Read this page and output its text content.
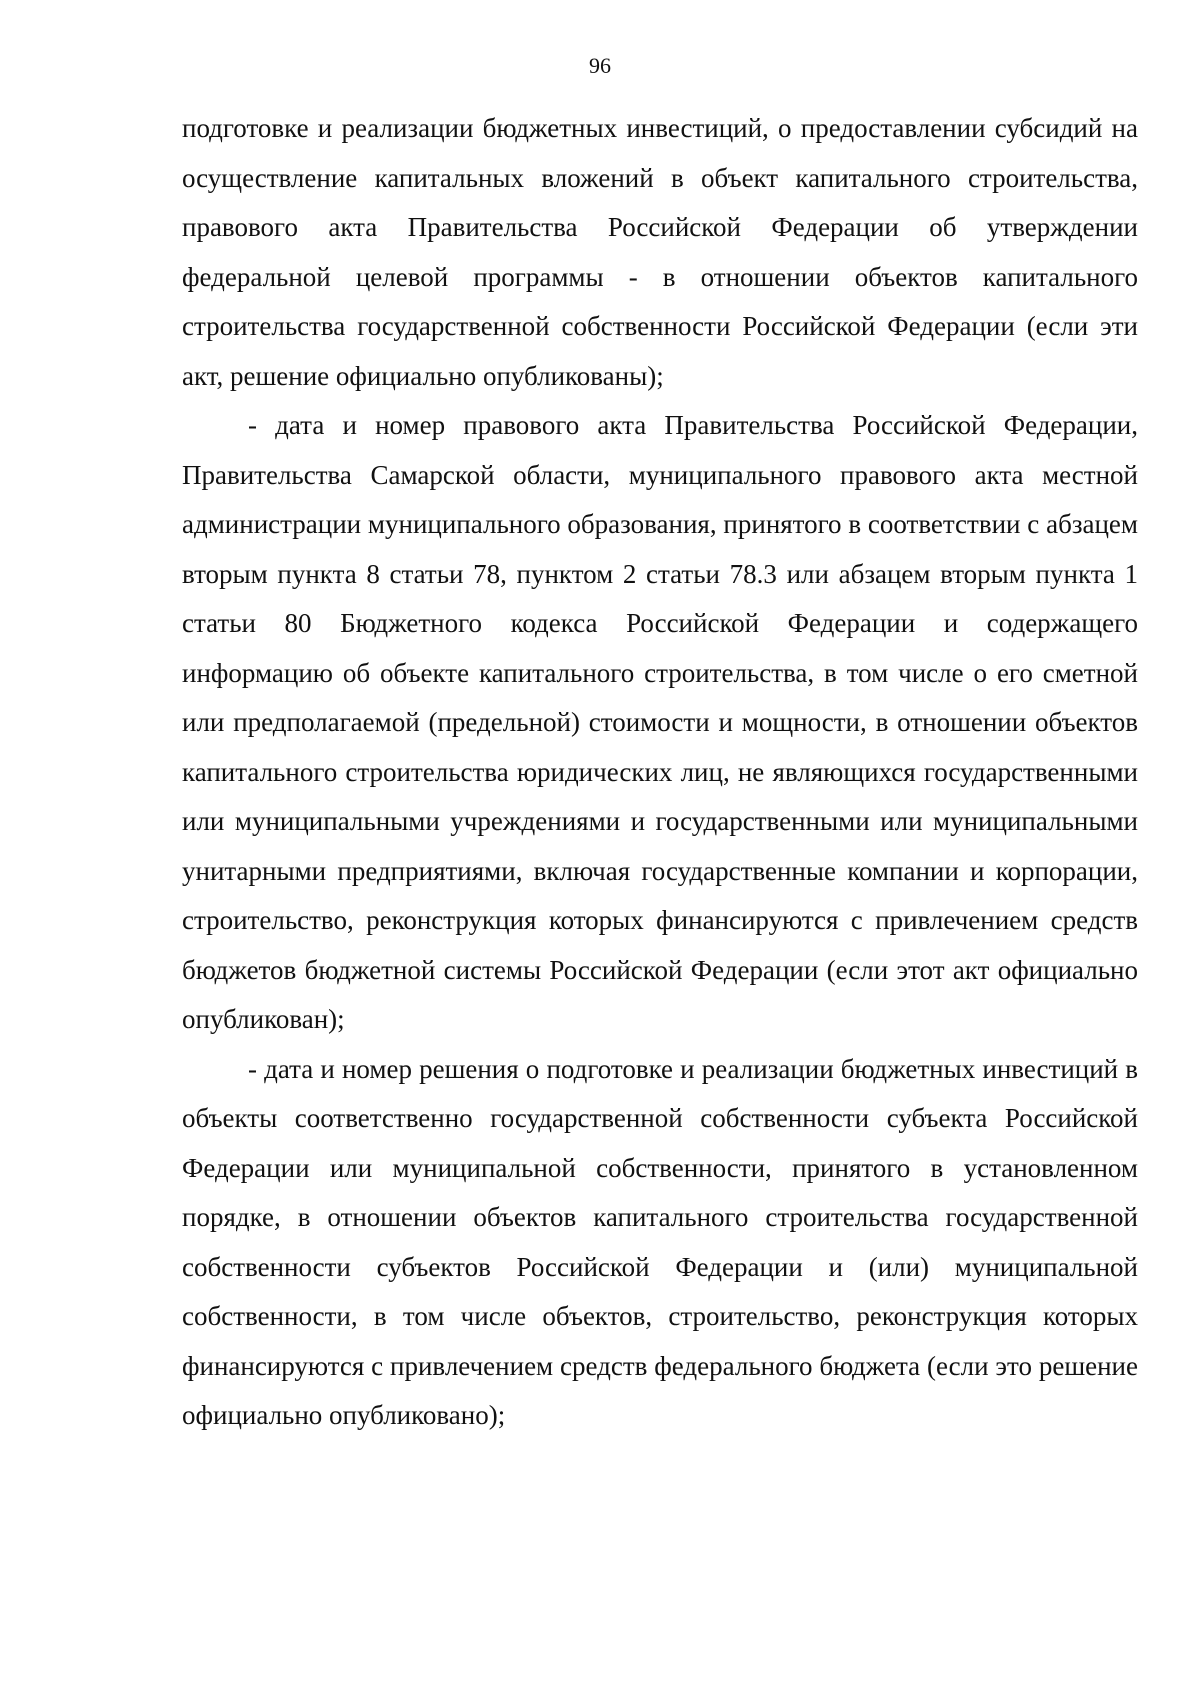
96

подготовке и реализации бюджетных инвестиций, о предоставлении субсидий на осуществление капитальных вложений в объект капитального строительства, правового акта Правительства Российской Федерации об утверждении федеральной целевой программы - в отношении объектов капитального строительства государственной собственности Российской Федерации (если эти акт, решение официально опубликованы);

- дата и номер правового акта Правительства Российской Федерации, Правительства Самарской области, муниципального правового акта местной администрации муниципального образования, принятого в соответствии с абзацем вторым пункта 8 статьи 78, пунктом 2 статьи 78.3 или абзацем вторым пункта 1 статьи 80 Бюджетного кодекса Российской Федерации и содержащего информацию об объекте капитального строительства, в том числе о его сметной или предполагаемой (предельной) стоимости и мощности, в отношении объектов капитального строительства юридических лиц, не являющихся государственными или муниципальными учреждениями и государственными или муниципальными унитарными предприятиями, включая государственные компании и корпорации, строительство, реконструкция которых финансируются с привлечением средств бюджетов бюджетной системы Российской Федерации (если этот акт официально опубликован);

- дата и номер решения о подготовке и реализации бюджетных инвестиций в объекты соответственно государственной собственности субъекта Российской Федерации или муниципальной собственности, принятого в установленном порядке, в отношении объектов капитального строительства государственной собственности субъектов Российской Федерации и (или) муниципальной собственности, в том числе объектов, строительство, реконструкция которых финансируются с привлечением средств федерального бюджета (если это решение официально опубликовано);
